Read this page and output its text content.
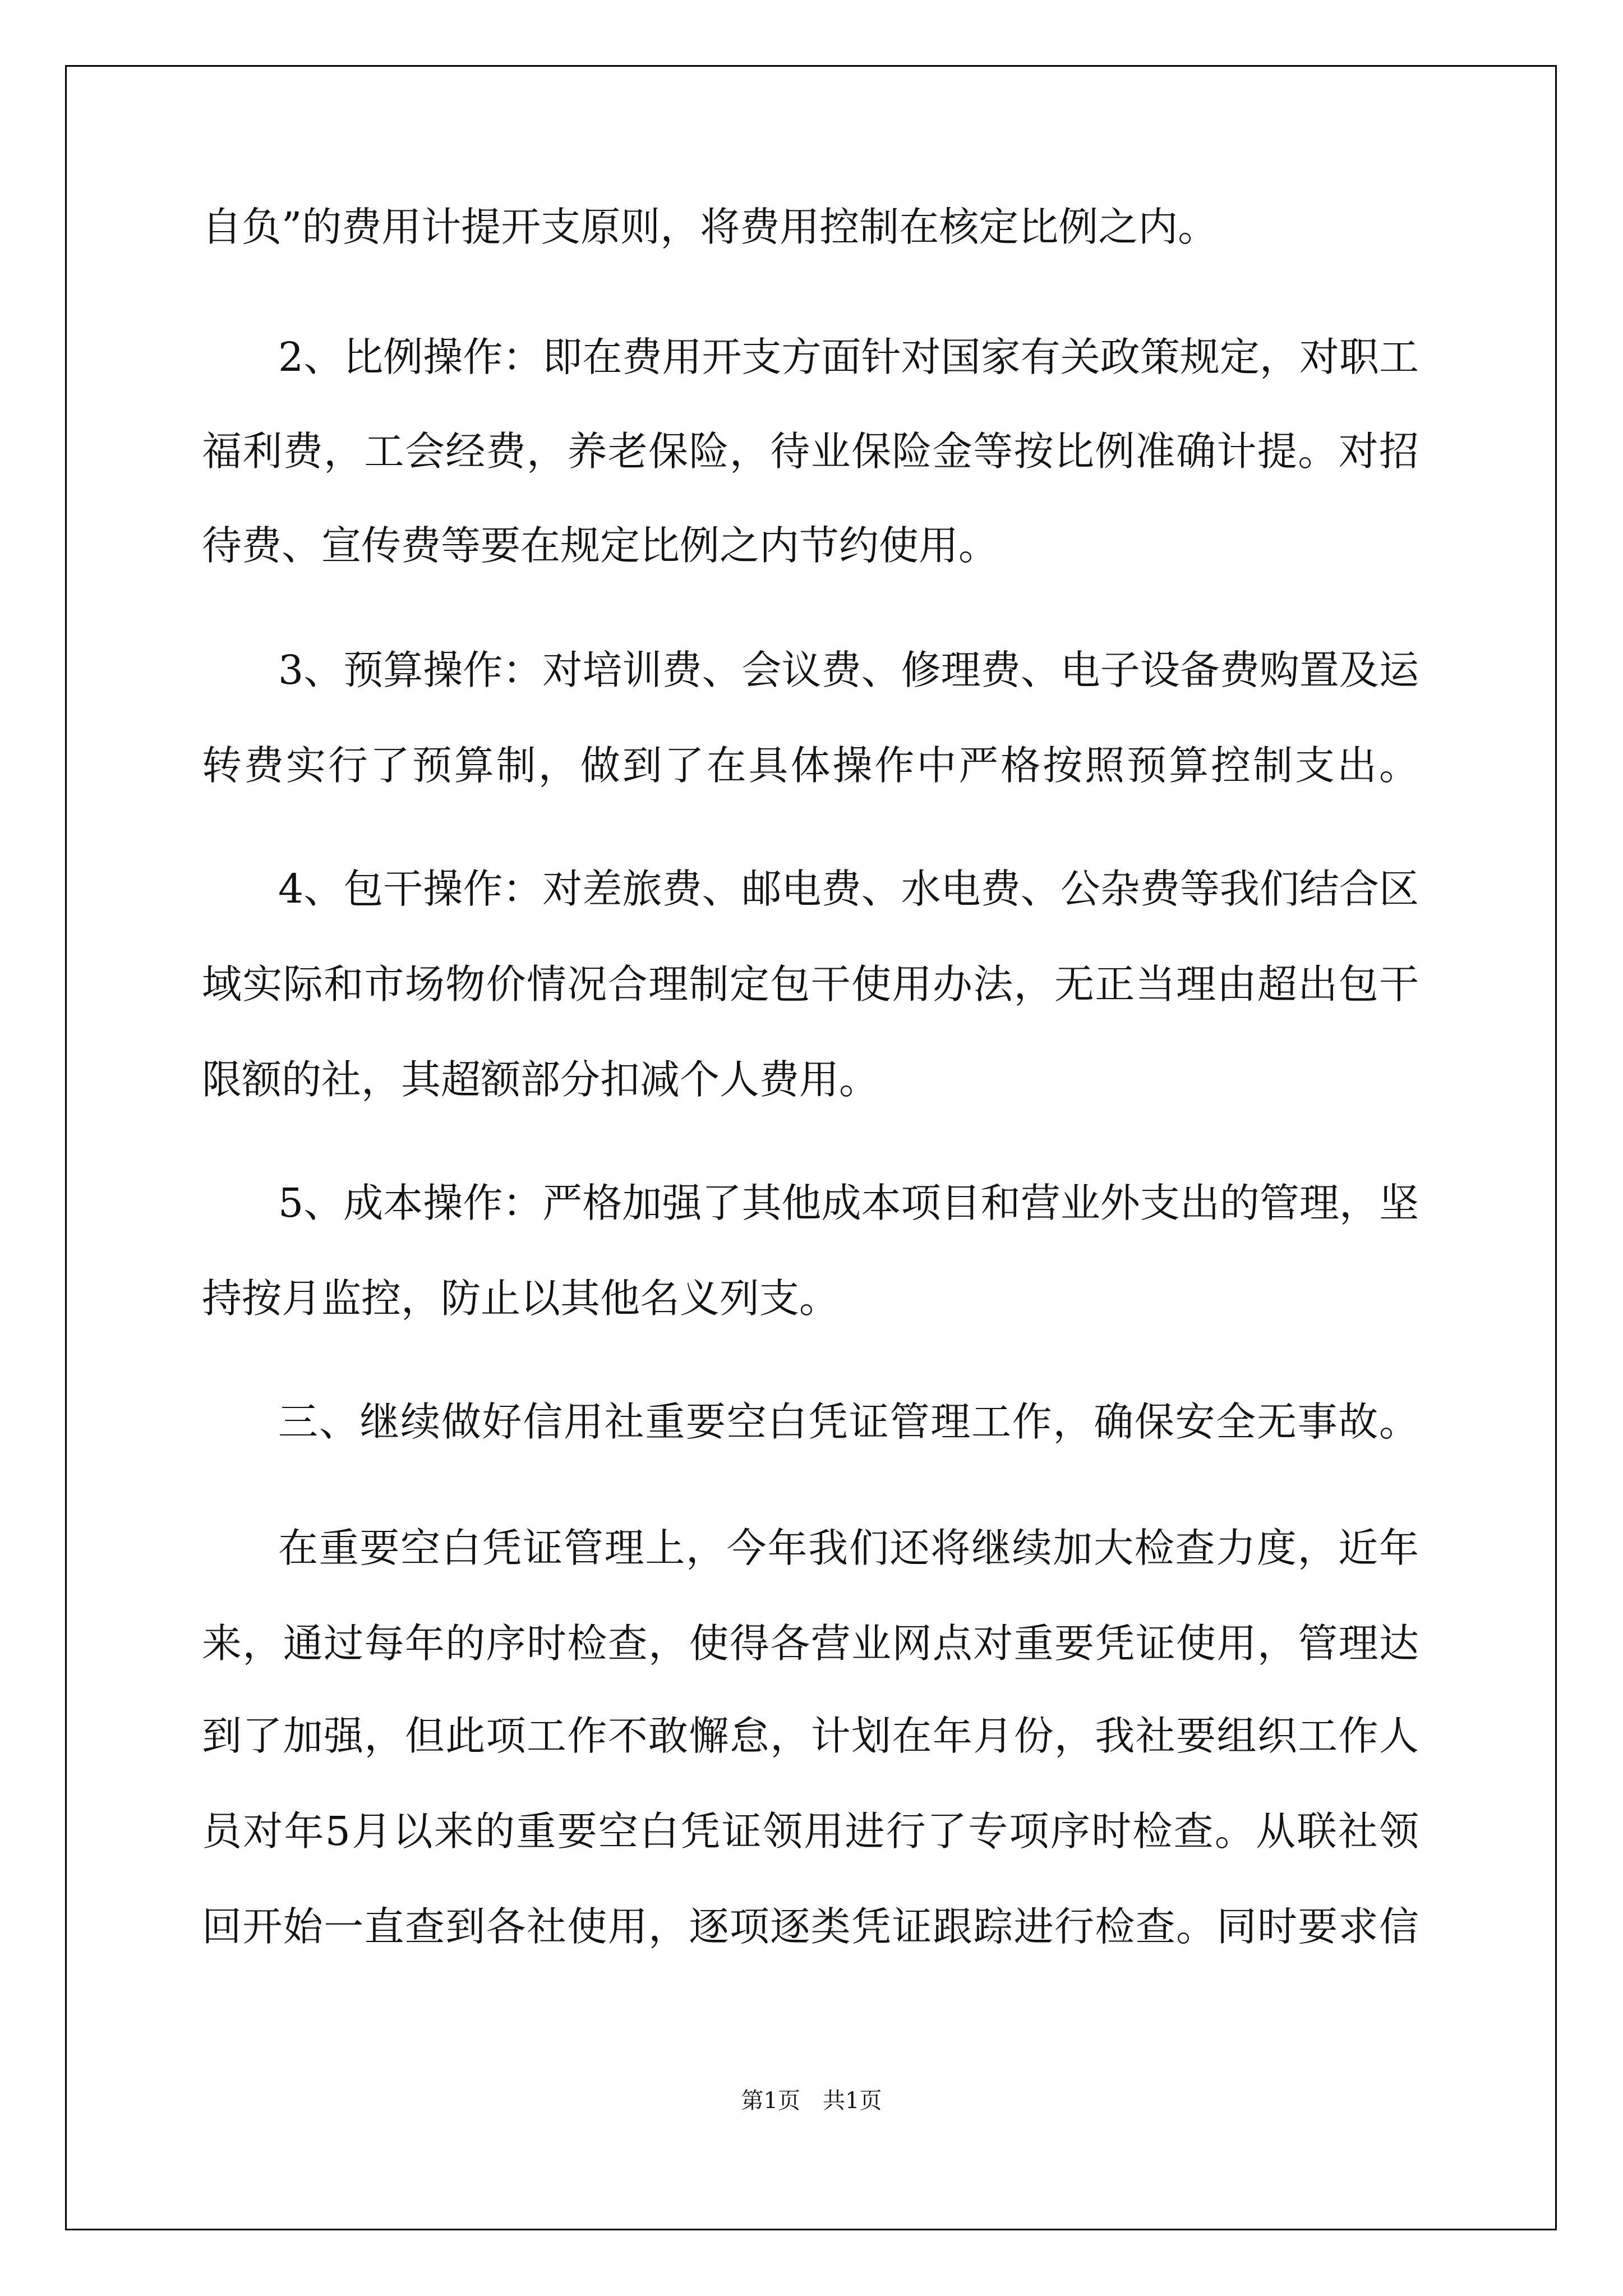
自负”的费用计提开支原则，将费用控制在核定比例之内。
2、比例操作：即在费用开支方面针对国家有关政策规定，对职工
福利费，工会经费，养老保险，待业保险金等按比例准确计提。对招
待费、宣传费等要在规定比例之内节约使用。
3、预算操作：对培训费、会议费、修理费、电子设备费购置及运
转费实行了预算制，做到了在具体操作中严格按照预算控制支出。
4、包干操作：对差旅费、邮电费、水电费、公杂费等我们结合区
域实际和市场物价情况合理制定包干使用办法，无正当理由超出包干
限额的社，其超额部分扣减个人费用。
5、成本操作：严格加强了其他成本项目和营业外支出的管理，坚
持按月监控，防止以其他名义列支。
三、继续做好信用社重要空白凭证管理工作，确保安全无事故。
在重要空白凭证管理上，今年我们还将继续加大检查力度，近年
来，通过每年的序时检查，使得各营业网点对重要凭证使用，管理达
到了加强，但此项工作不敢懈怠，计划在年月份，我社要组织工作人
员对年5月以来的重要空白凭证领用进行了专项序时检查。从联社领
回开始一直查到各社使用，逐项逐类凭证跟踪进行检查。同时要求信
第1页　共1页
